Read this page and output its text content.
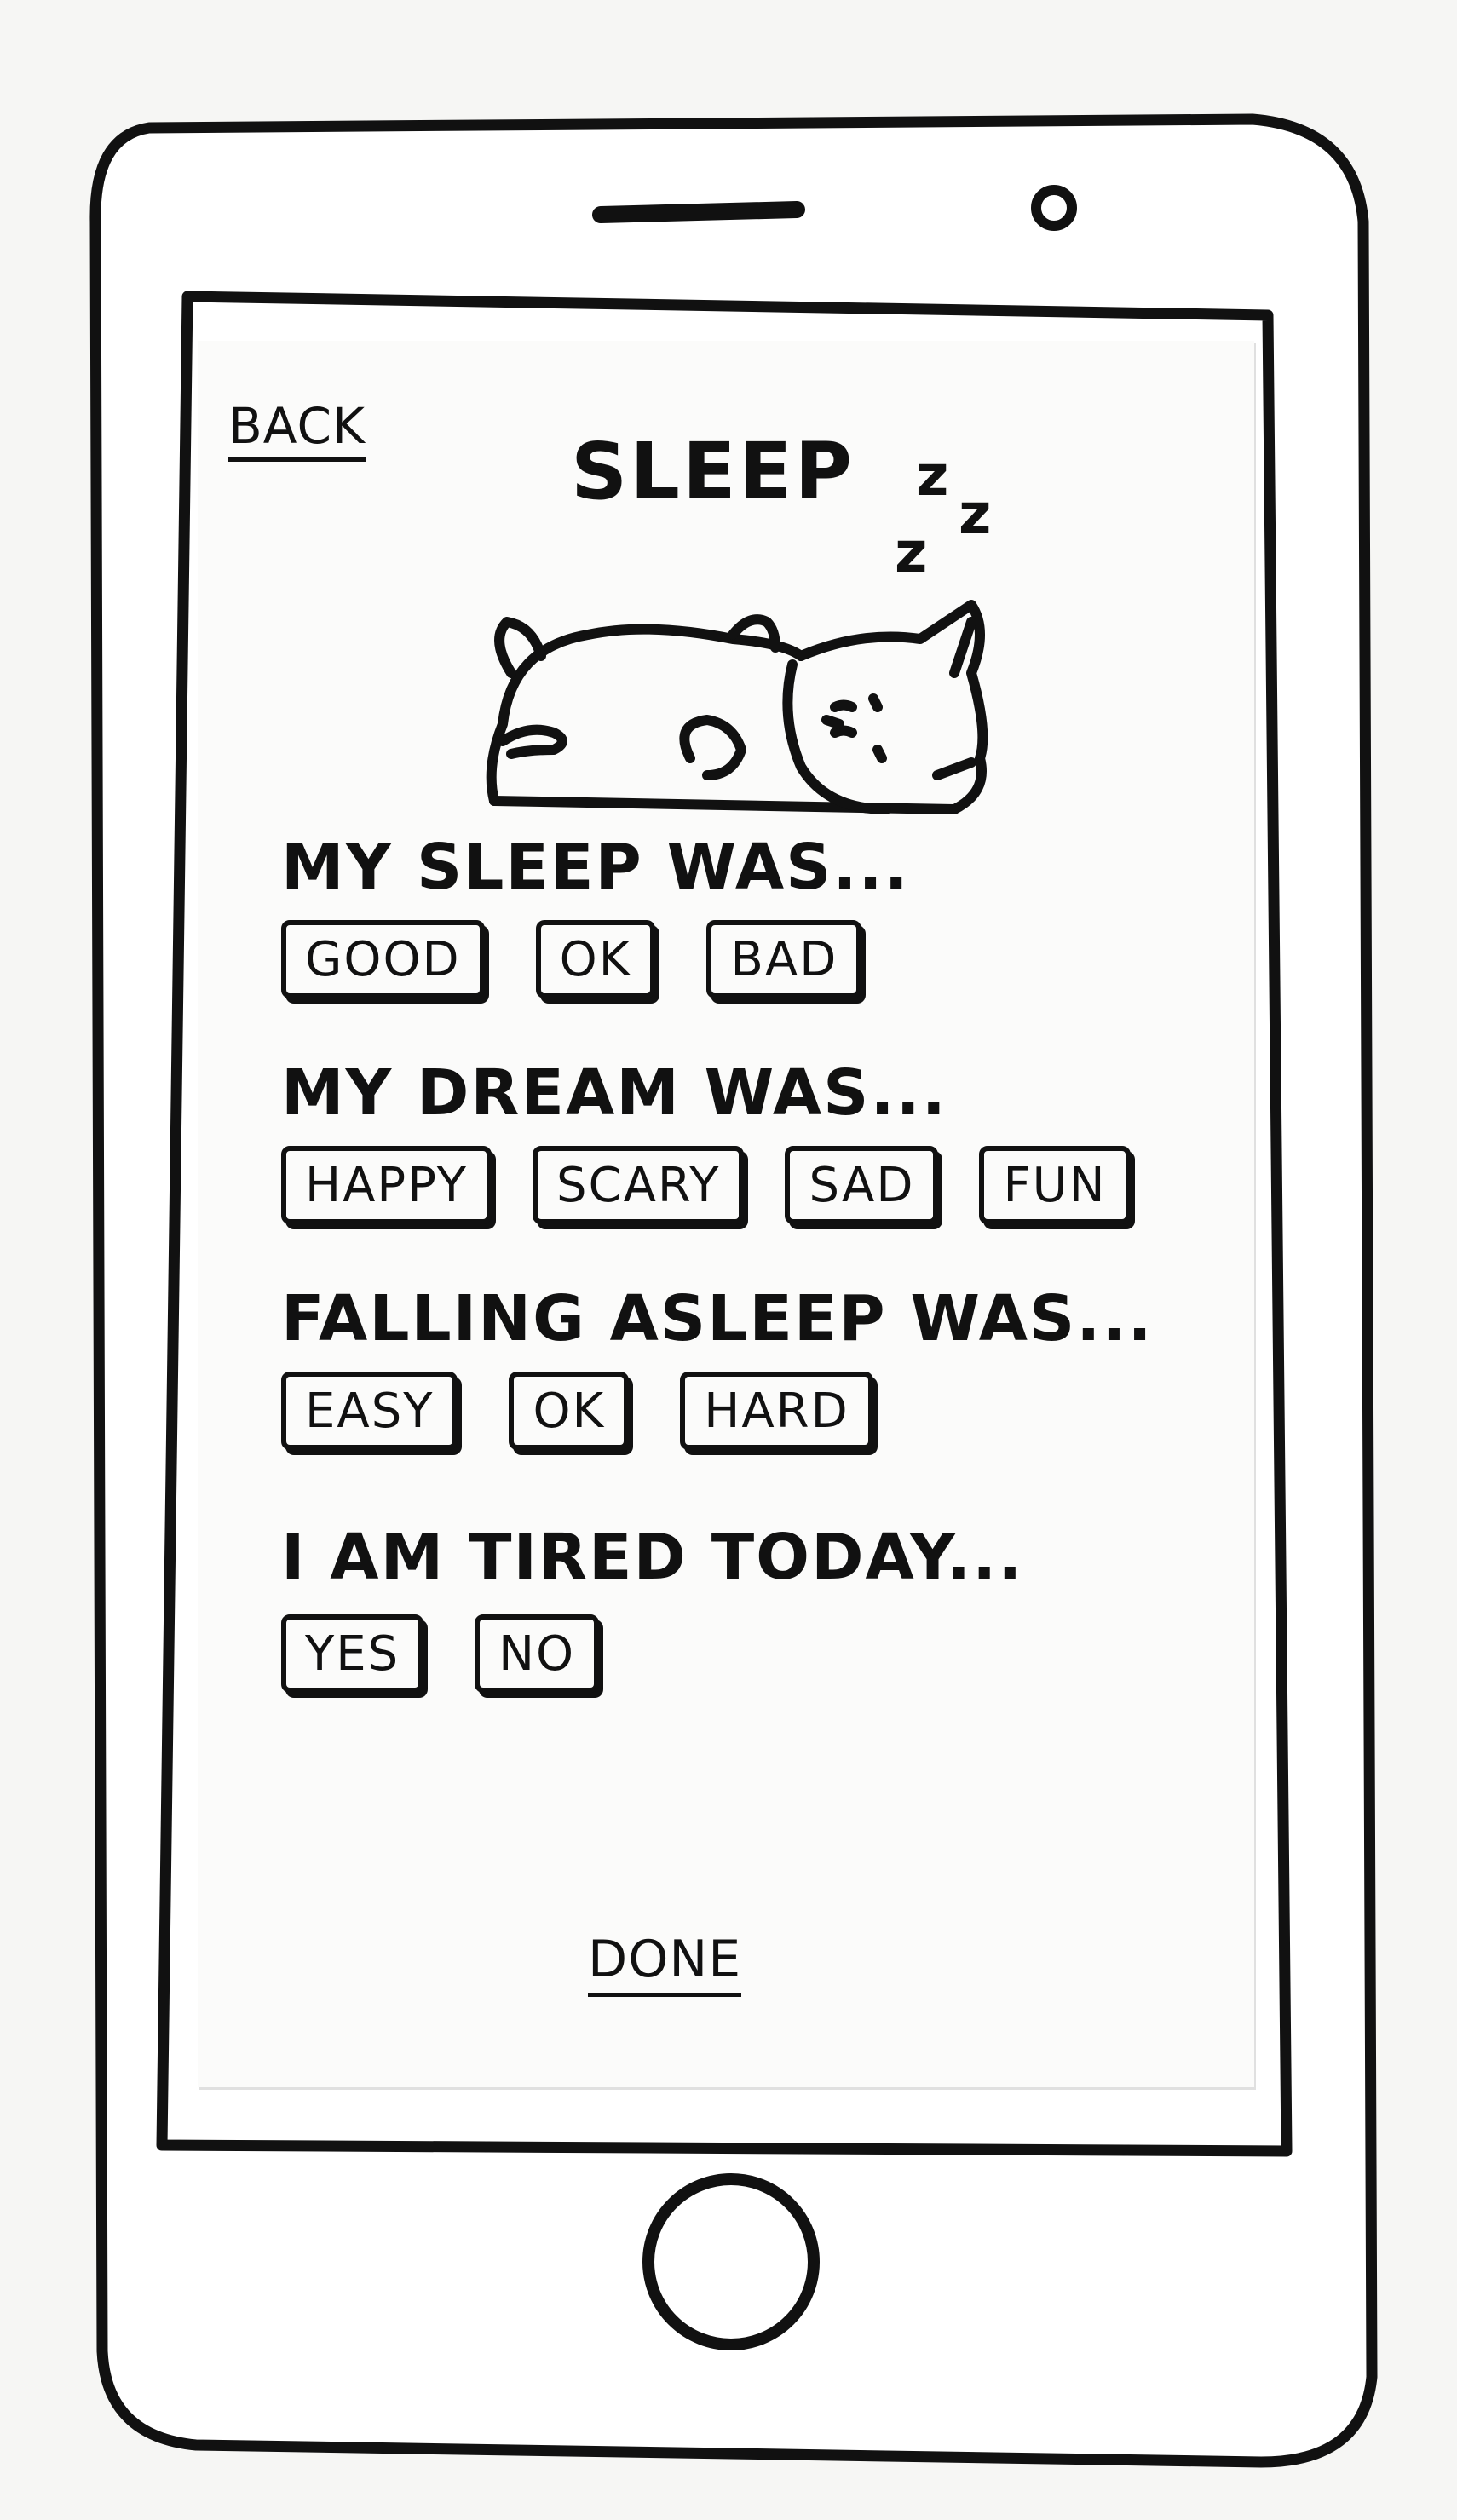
BACK	SLEEP
z
z
z
MY SLEEP WAS...
GOOD	OK	BAD
MY DREAM WAS...
HAPPY	SCARY	SAD	FUN
FALLING ASLEEP WAS...
EASY	OK	HARD
I AM TIRED TODAY...
YES	NO
DONE
